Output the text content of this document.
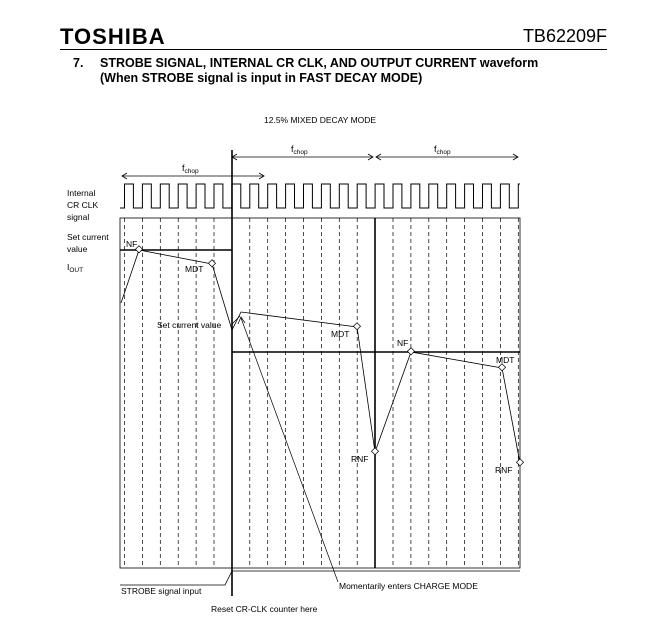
TOSHIBA	TB62209F
7. STROBE SIGNAL, INTERNAL CR CLK, AND OUTPUT CURRENT waveform
(When STROBE signal is input in FAST DECAY MODE)
12.5% MIXED DECAY MODE
$f_{chop}$
$f_{chop}$	$f_{chop}$
Internal
CR CLK
signal
Set current
value
$I_{OUT}$
NF
MDT
Set current value
MDT
NF
MDT
RNF
RNF
STROBE signal input	Momentarily enters CHARGE MODE
Reset CR-CLK counter here
